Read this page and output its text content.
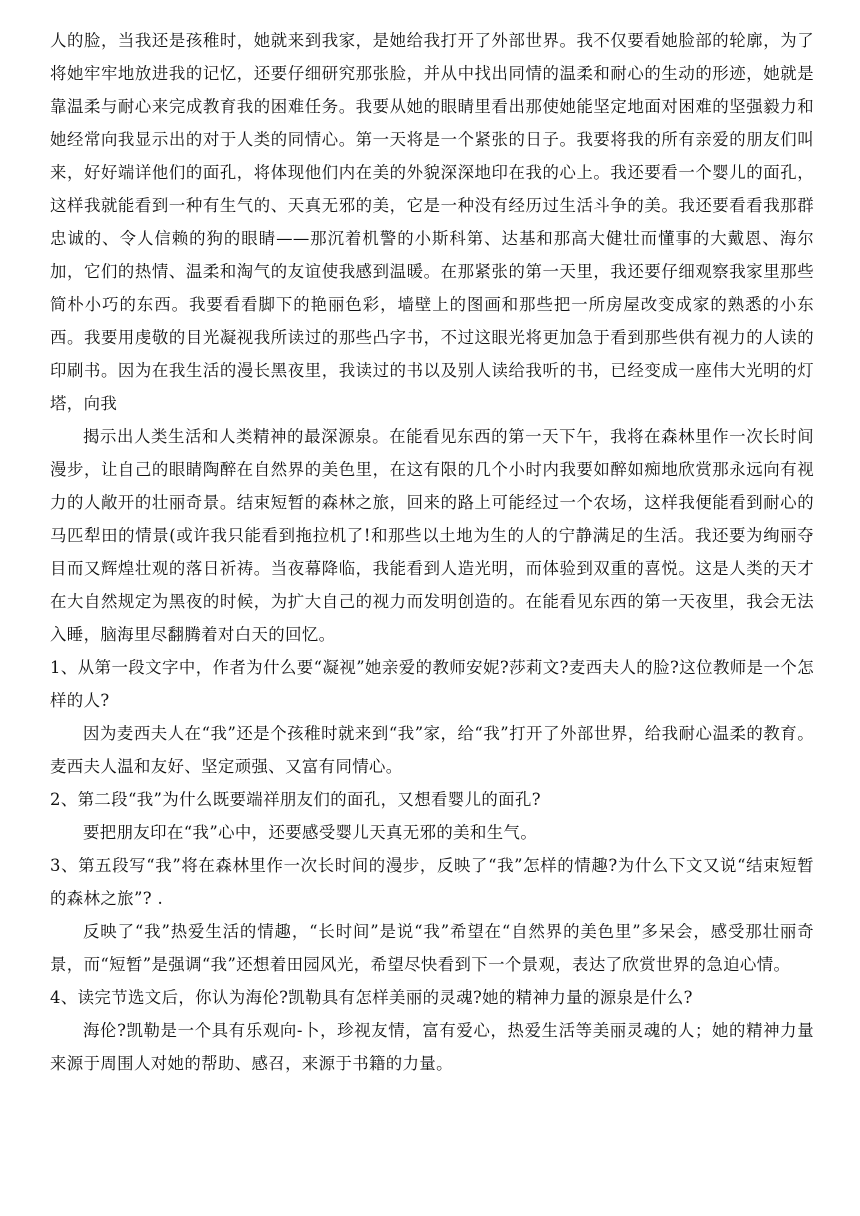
人的脸，当我还是孩稚时，她就来到我家，是她给我打开了外部世界。我不仅要看她脸部的轮廓，为了将她牢牢地放进我的记忆，还要仔细研究那张脸，并从中找出同情的温柔和耐心的生动的形迹，她就是靠温柔与耐心来完成教育我的困难任务。我要从她的眼睛里看出那使她能坚定地面对困难的坚强毅力和她经常向我显示出的对于人类的同情心。第一天将是一个紧张的日子。我要将我的所有亲爱的朋友们叫来，好好端详他们的面孔，将体现他们内在美的外貌深深地印在我的心上。我还要看一个婴儿的面孔，这样我就能看到一种有生气的、天真无邪的美，它是一种没有经历过生活斗争的美。我还要看看我那群忠诚的、令人信赖的狗的眼睛——那沉着机警的小斯科第、达基和那高大健壮而懂事的大戴恩、海尔加，它们的热情、温柔和淘气的友谊使我感到温暖。在那紧张的第一天里，我还要仔细观察我家里那些简朴小巧的东西。我要看看脚下的艳丽色彩，墙壁上的图画和那些把一所房屋改变成家的熟悉的小东西。我要用虔敬的目光凝视我所读过的那些凸字书，不过这眼光将更加急于看到那些供有视力的人读的印刷书。因为在我生活的漫长黑夜里，我读过的书以及别人读给我听的书，已经变成一座伟大光明的灯塔，向我

揭示出人类生活和人类精神的最深源泉。在能看见东西的第一天下午，我将在森林里作一次长时间漫步，让自己的眼睛陶醉在自然界的美色里，在这有限的几个小时内我要如醉如痴地欣赏那永远向有视力的人敞开的壮丽奇景。结束短暂的森林之旅，回来的路上可能经过一个农场，这样我便能看到耐心的马匹犁田的情景(或许我只能看到拖拉机了!和那些以土地为生的人的宁静满足的生活。我还要为绚丽夺目而又辉煌壮观的落日祈祷。当夜幕降临，我能看到人造光明，而体验到双重的喜悦。这是人类的天才在大自然规定为黑夜的时候，为扩大自己的视力而发明创造的。在能看见东西的第一天夜里，我会无法入睡，脑海里尽翻腾着对白天的回忆。

1、从第一段文字中，作者为什么要“凝视”她亲爱的教师安妮?莎莉文?麦西夫人的脸?这位教师是一个怎样的人?

因为麦西夫人在“我”还是个孩稚时就来到“我”家，给“我”打开了外部世界，给我耐心温柔的教育。麦西夫人温和友好、坚定顽强、又富有同情心。

2、第二段“我”为什么既要端祥朋友们的面孔，又想看婴儿的面孔?

要把朋友印在“我”心中，还要感受婴儿天真无邪的美和生气。

3、第五段写“我”将在森林里作一次长时间的漫步，反映了“我”怎样的情趣?为什么下文又说“结束短暂的森林之旅”? .

反映了“我”热爱生活的情趣，“长时间”是说“我”希望在“自然界的美色里”多呆会，感受那壮丽奇景，而“短暂”是强调“我”还想着田园风光，希望尽快看到下一个景观，表达了欣赏世界的急迫心情。

4、读完节选文后，你认为海伦?凯勒具有怎样美丽的灵魂?她的精神力量的源泉是什么?

海伦?凯勒是一个具有乐观向-卜，珍视友情，富有爱心，热爱生活等美丽灵魂的人；她的精神力量来源于周围人对她的帮助、感召，来源于书籍的力量。
